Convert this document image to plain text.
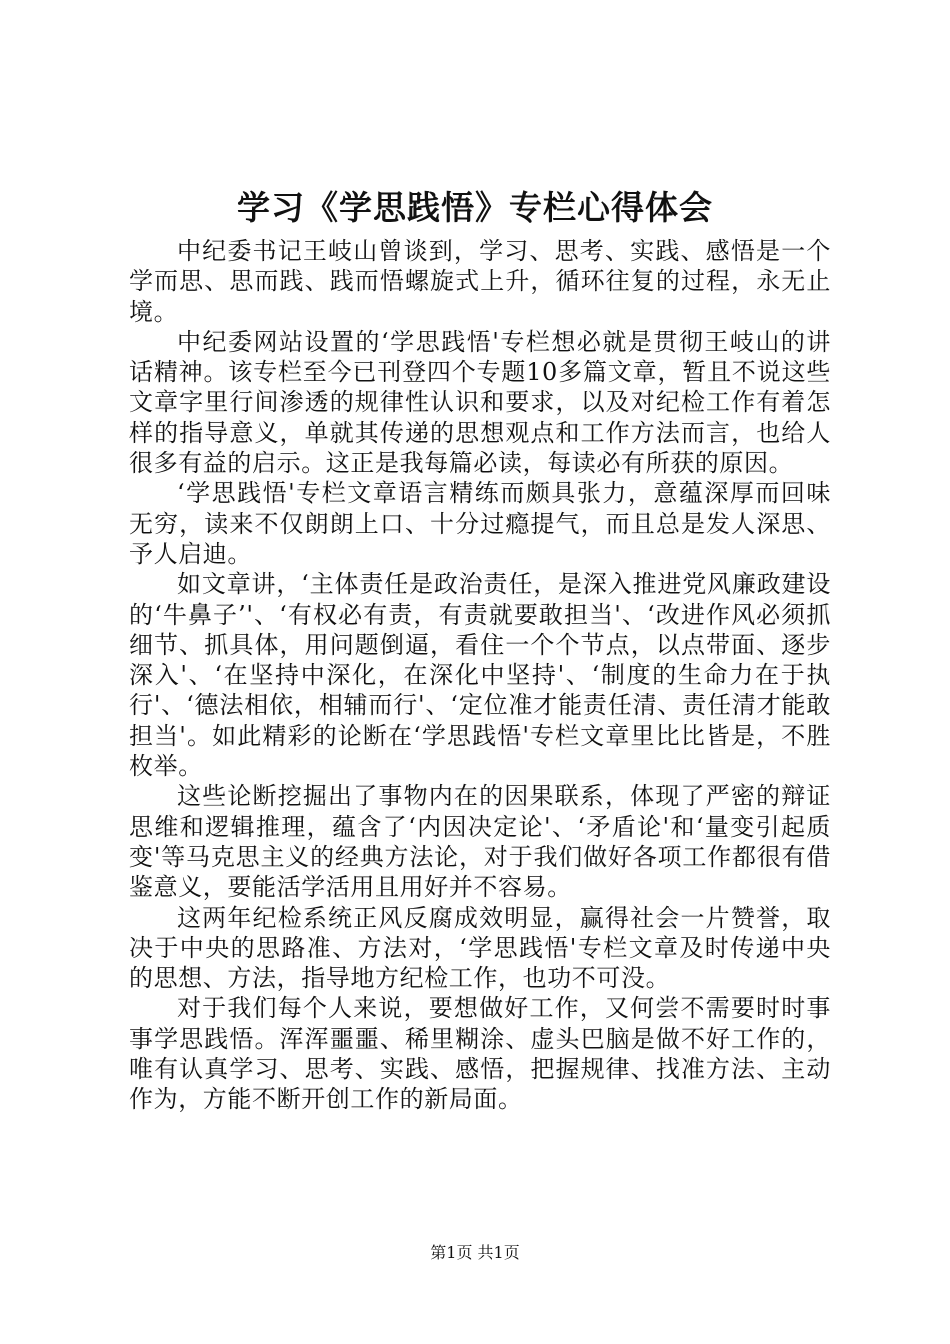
学习《学思践悟》专栏心得体会

中纪委书记王岐山曾谈到，学习、思考、实践、感悟是一个学而思、思而践、践而悟螺旋式上升，循环往复的过程，永无止境。

中纪委网站设置的‘学思践悟'专栏想必就是贯彻王岐山的讲话精神。该专栏至今已刊登四个专题10多篇文章，暂且不说这些文章字里行间渗透的规律性认识和要求，以及对纪检工作有着怎样的指导意义，单就其传递的思想观点和工作方法而言，也给人很多有益的启示。这正是我每篇必读，每读必有所获的原因。

‘学思践悟'专栏文章语言精练而颇具张力，意蕴深厚而回味无穷，读来不仅朗朗上口、十分过瘾提气，而且总是发人深思、予人启迪。

如文章讲，‘主体责任是政治责任，是深入推进党风廉政建设的‘牛鼻子’'、‘有权必有责，有责就要敢担当'、‘改进作风必须抓细节、抓具体，用问题倒逼，看住一个个节点，以点带面、逐步深入'、‘在坚持中深化，在深化中坚持'、‘制度的生命力在于执行'、‘德法相依，相辅而行'、‘定位准才能责任清、责任清才能敢担当'。如此精彩的论断在‘学思践悟'专栏文章里比比皆是，不胜枚举。

这些论断挖掘出了事物内在的因果联系，体现了严密的辩证思维和逻辑推理，蕴含了‘内因决定论'、‘矛盾论'和‘量变引起质变'等马克思主义的经典方法论，对于我们做好各项工作都很有借鉴意义，要能活学活用且用好并不容易。

这两年纪检系统正风反腐成效明显，赢得社会一片赞誉，取决于中央的思路准、方法对，‘学思践悟'专栏文章及时传递中央的思想、方法，指导地方纪检工作，也功不可没。

对于我们每个人来说，要想做好工作，又何尝不需要时时事事学思践悟。浑浑噩噩、稀里糊涂、虚头巴脑是做不好工作的，唯有认真学习、思考、实践、感悟，把握规律、找准方法、主动作为，方能不断开创工作的新局面。

第1页 共1页
